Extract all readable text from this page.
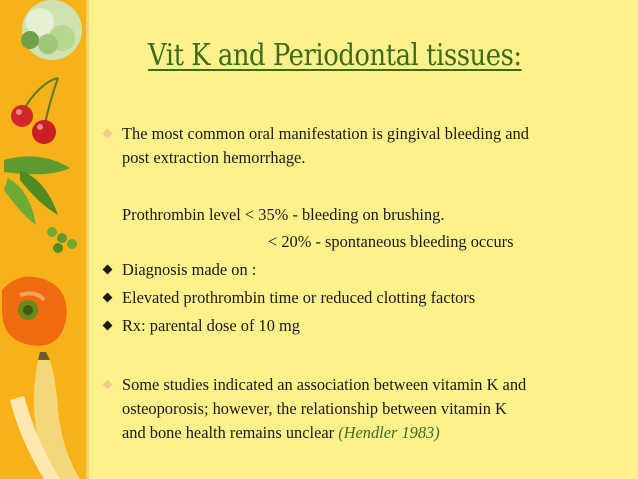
Vit K and Periodontal tissues:
The most common oral manifestation is gingival bleeding and
post extraction hemorrhage.
Prothrombin level < 35% - bleeding on brushing.
< 20% - spontaneous bleeding occurs
Diagnosis made on :
Elevated prothrombin time or reduced clotting factors
Rx: parental dose of 10 mg
Some studies indicated an association between vitamin K and
osteoporosis; however, the relationship between vitamin K
and bone health remains unclear (Hendler 1983)
